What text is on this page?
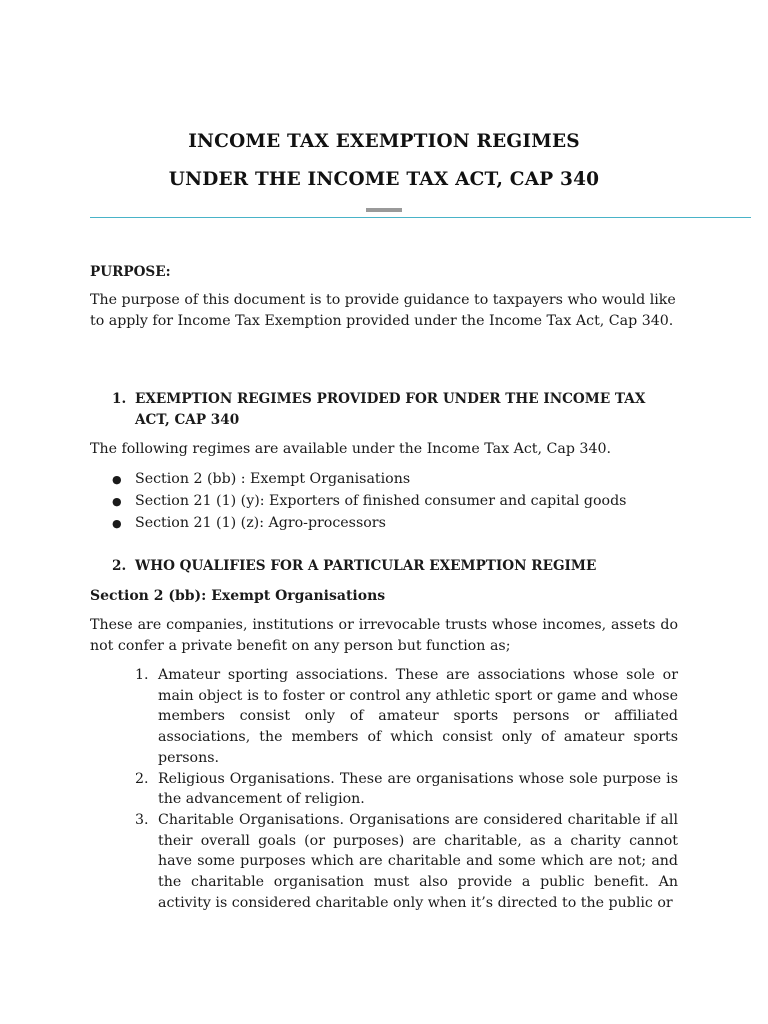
INCOME TAX EXEMPTION REGIMES
UNDER THE INCOME TAX ACT, CAP 340
PURPOSE:
The purpose of this document is to provide guidance to taxpayers who would like to apply for Income Tax Exemption provided under the Income Tax Act, Cap 340.
1. EXEMPTION REGIMES PROVIDED FOR UNDER THE INCOME TAX ACT, CAP 340
The following regimes are available under the Income Tax Act, Cap 340.
● Section 2 (bb) : Exempt Organisations
● Section 21 (1) (y): Exporters of finished consumer and capital goods
● Section 21 (1) (z): Agro-processors
2. WHO QUALIFIES FOR A PARTICULAR EXEMPTION REGIME
Section 2 (bb): Exempt Organisations
These are companies, institutions or irrevocable trusts whose incomes, assets do not confer a private benefit on any person but function as;
1. Amateur sporting associations. These are associations whose sole or main object is to foster or control any athletic sport or game and whose members consist only of amateur sports persons or affiliated associations, the members of which consist only of amateur sports persons.
2. Religious Organisations. These are organisations whose sole purpose is the advancement of religion.
3. Charitable Organisations. Organisations are considered charitable if all their overall goals (or purposes) are charitable, as a charity cannot have some purposes which are charitable and some which are not; and the charitable organisation must also provide a public benefit. An activity is considered charitable only when it’s directed to the public or
